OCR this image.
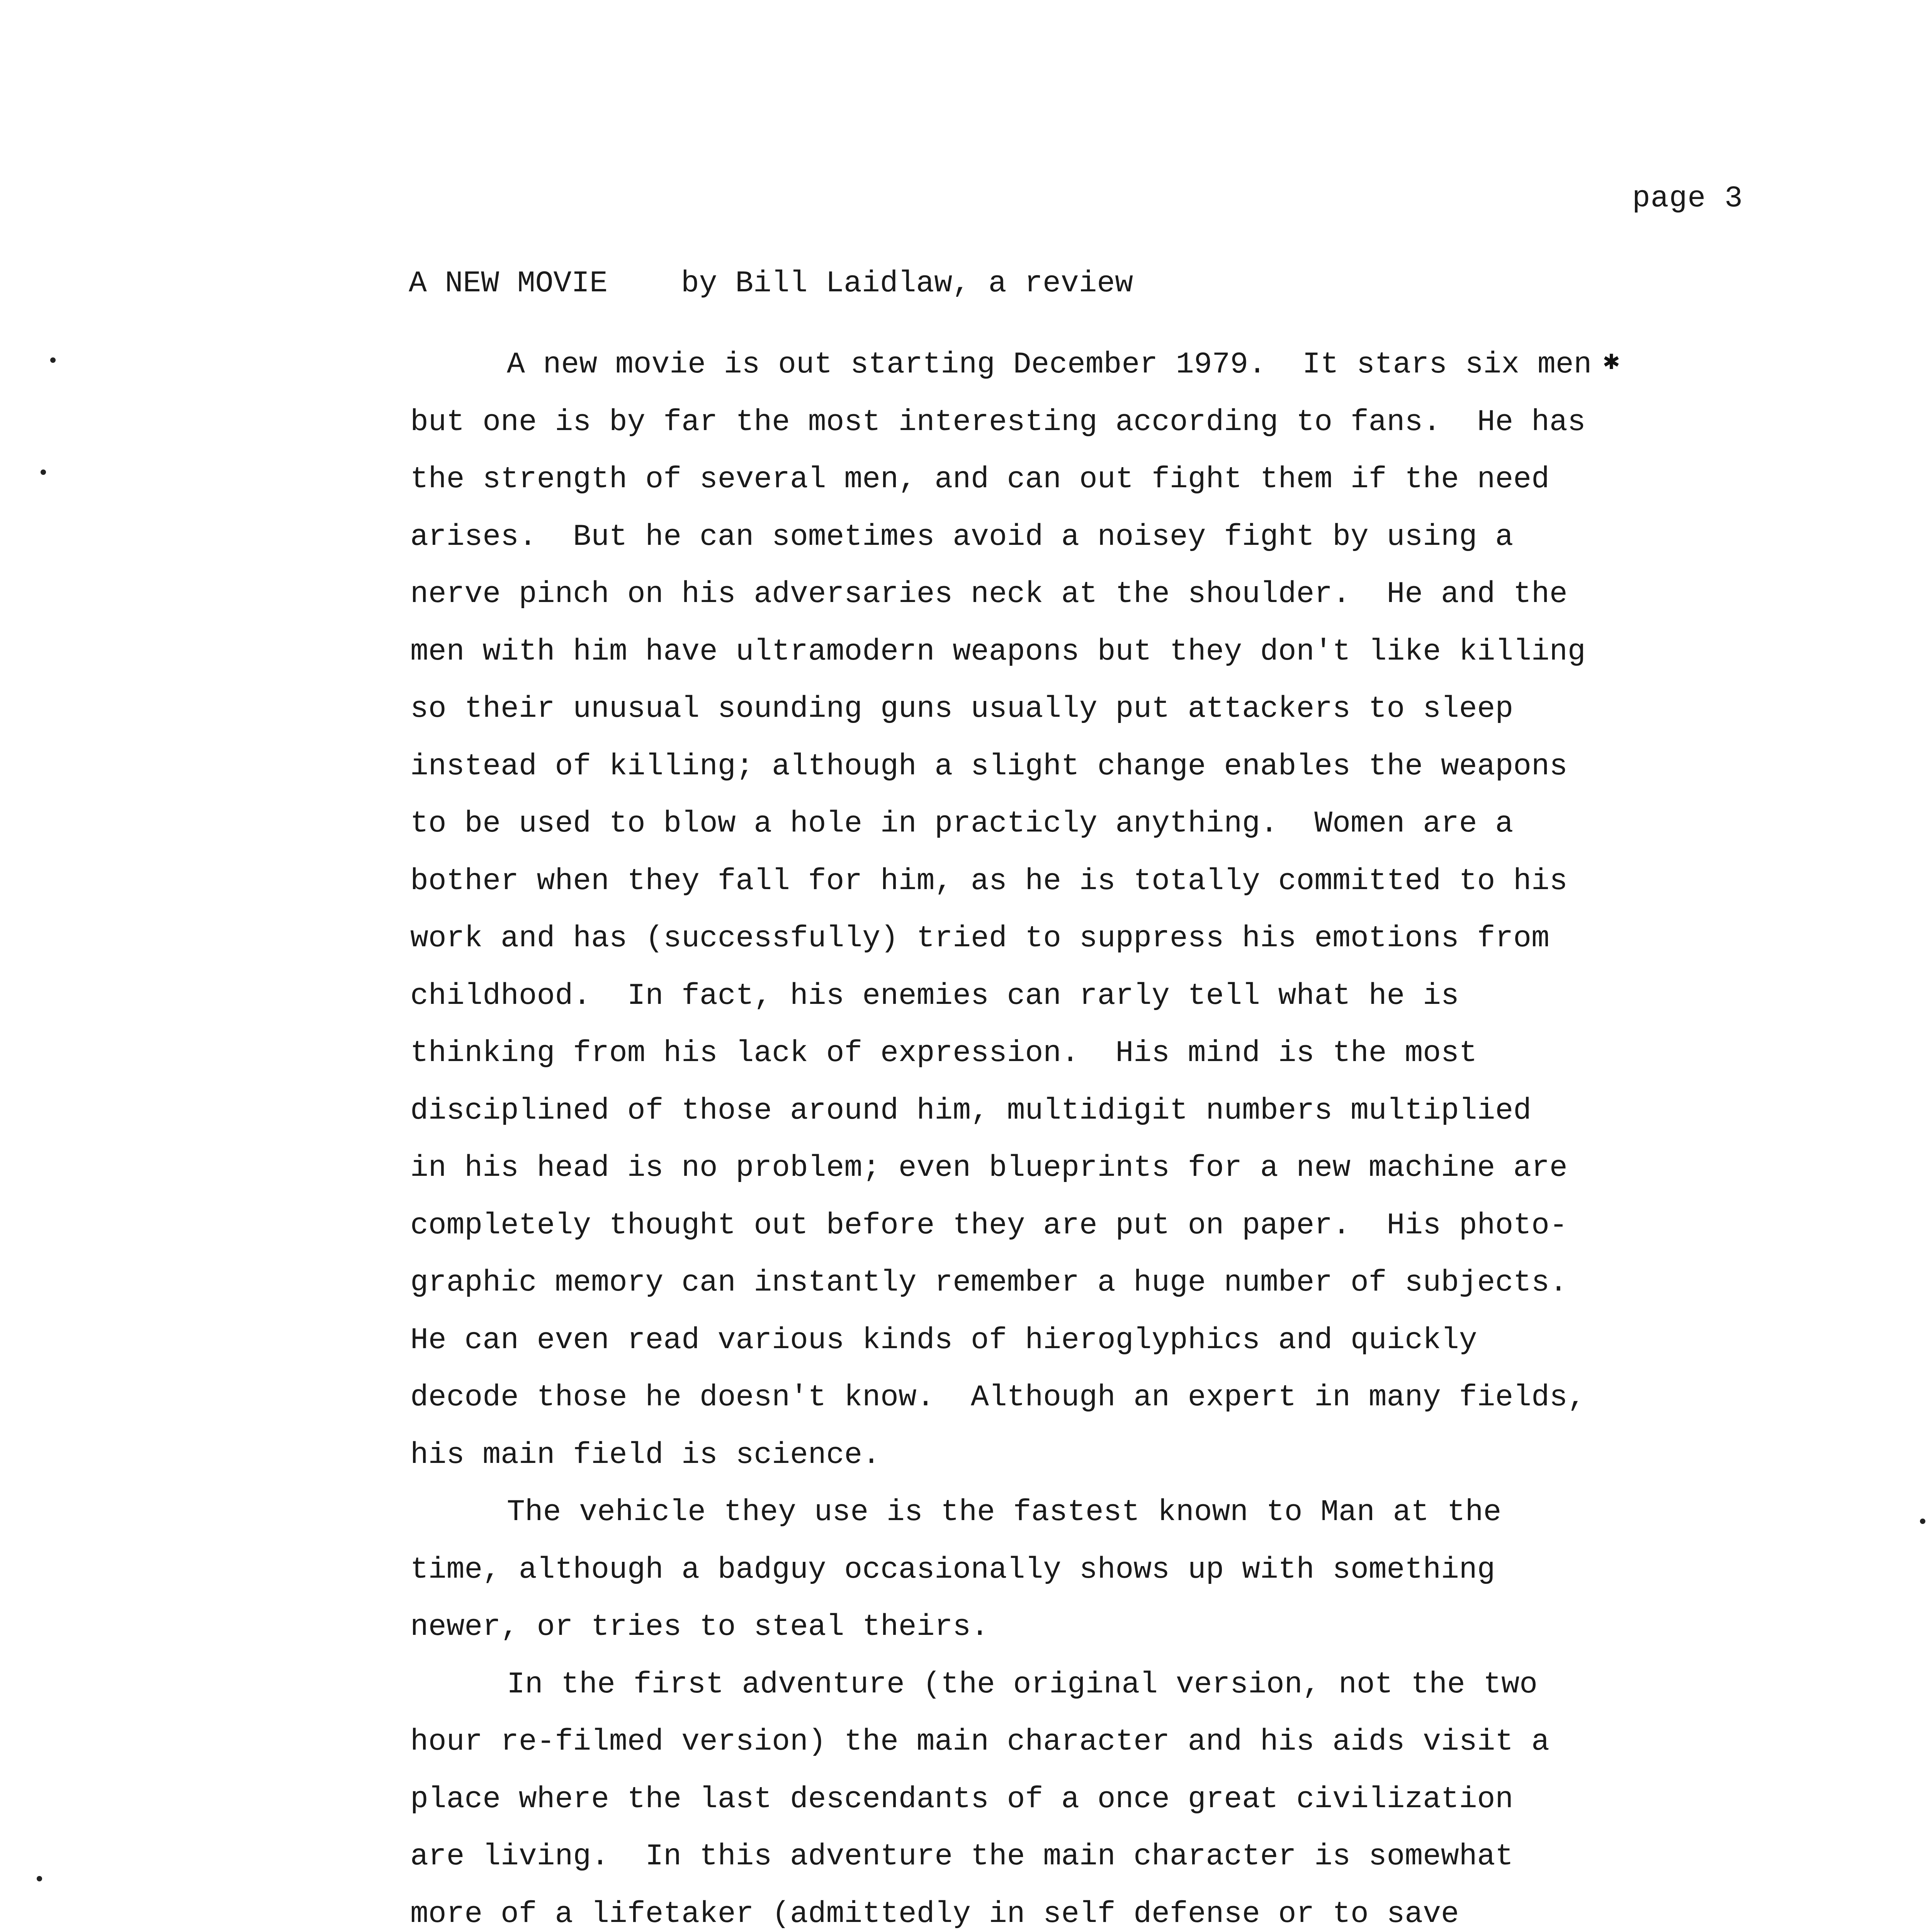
page 3
A NEW MOVIE by Bill Laidlaw, a review
A new movie is out starting December 1979.  It stars six men
but one is by far the most interesting according to fans.  He has
the strength of several men, and can out fight them if the need
arises.  But he can sometimes avoid a noisey fight by using a
nerve pinch on his adversaries neck at the shoulder.  He and the
men with him have ultramodern weapons but they don't like killing
so their unusual sounding guns usually put attackers to sleep
instead of killing; although a slight change enables the weapons
to be used to blow a hole in practicly anything.  Women are a
bother when they fall for him, as he is totally committed to his
work and has (successfully) tried to suppress his emotions from
childhood.  In fact, his enemies can rarly tell what he is
thinking from his lack of expression.  His mind is the most
disciplined of those around him, multidigit numbers multiplied
in his head is no problem; even blueprints for a new machine are
completely thought out before they are put on paper.  His photo-
graphic memory can instantly remember a huge number of subjects.
He can even read various kinds of hieroglyphics and quickly
decode those he doesn't know.  Although an expert in many fields,
his main field is science.
The vehicle they use is the fastest known to Man at the
time, although a badguy occasionally shows up with something
newer, or tries to steal theirs.
In the first adventure (the original version, not the two
hour re-filmed version) the main character and his aids visit a
place where the last descendants of a once great civilization
are living.  In this adventure the main character is somewhat
more of a lifetaker (admittedly in self defense or to save
✱
